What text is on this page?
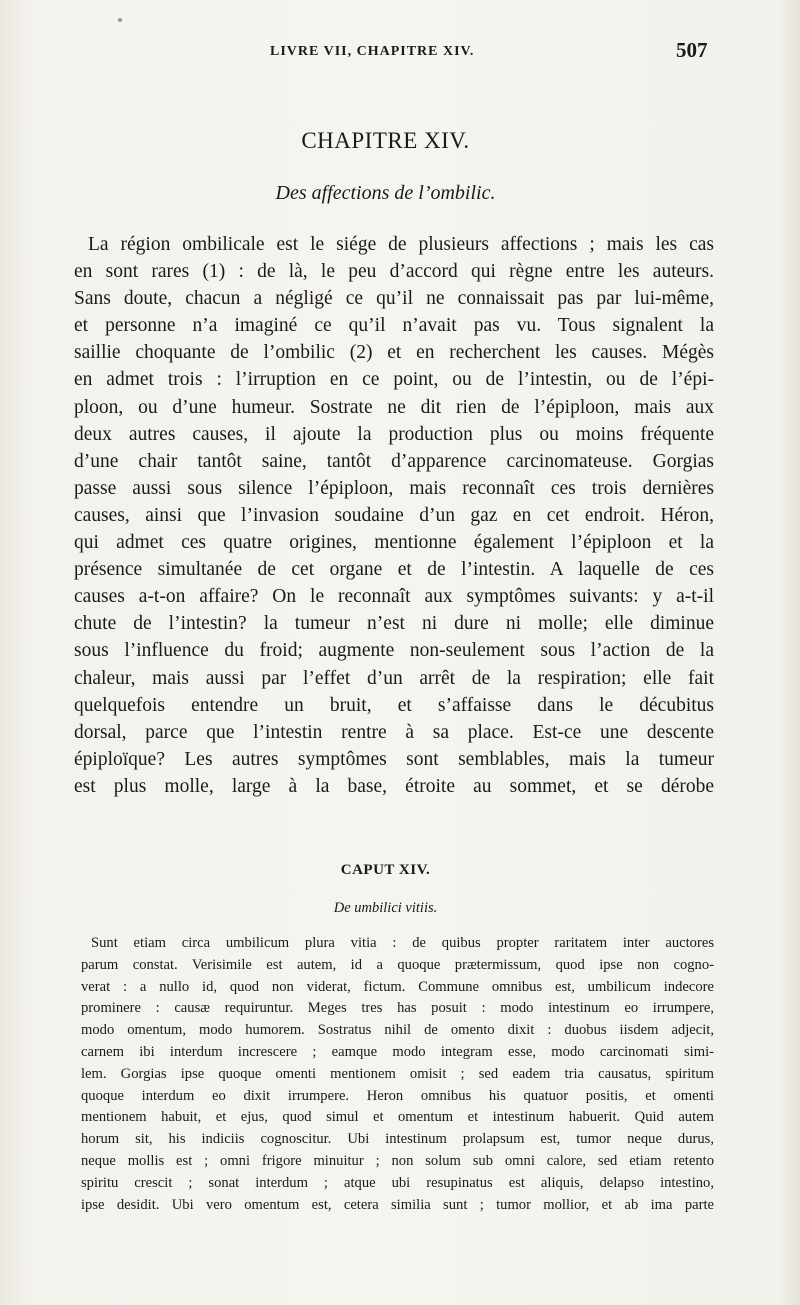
LIVRE VII, CHAPITRE XIV.	507
CHAPITRE XIV.
Des affections de l’ombilic.
La région ombilicale est le siége de plusieurs affections ; mais les cas
en sont rares (1) : de là, le peu d’accord qui règne entre les auteurs.
Sans doute, chacun a négligé ce qu’il ne connaissait pas par lui-même,
et personne n’a imaginé ce qu’il n’avait pas vu. Tous signalent la
saillie choquante de l’ombilic (2) et en recherchent les causes. Mégès
en admet trois : l’irruption en ce point, ou de l’intestin, ou de l’épi-
ploon, ou d’une humeur. Sostrate ne dit rien de l’épiploon, mais aux
deux autres causes, il ajoute la production plus ou moins fréquente
d’une chair tantôt saine, tantôt d’apparence carcinomateuse. Gorgias
passe aussi sous silence l’épiploon, mais reconnaît ces trois dernières
causes, ainsi que l’invasion soudaine d’un gaz en cet endroit. Héron,
qui admet ces quatre origines, mentionne également l’épiploon et la
présence simultanée de cet organe et de l’intestin. A laquelle de ces
causes a-t-on affaire? On le reconnaît aux symptômes suivants: y a-t-il
chute de l’intestin? la tumeur n’est ni dure ni molle; elle diminue
sous l’influence du froid; augmente non-seulement sous l’action de la
chaleur, mais aussi par l’effet d’un arrêt de la respiration; elle fait
quelquefois entendre un bruit, et s’affaisse dans le décubitus
dorsal, parce que l’intestin rentre à sa place. Est-ce une descente
épiploïque? Les autres symptômes sont semblables, mais la tumeur
est plus molle, large à la base, étroite au sommet, et se dérobe
CAPUT XIV.
De umbilici vitiis.
Sunt etiam circa umbilicum plura vitia : de quibus propter raritatem inter auctores
parum constat. Verisimile est autem, id a quoque prætermissum, quod ipse non cogno-
verat : a nullo id, quod non viderat, fictum. Commune omnibus est, umbilicum indecore
prominere : causæ requiruntur. Meges tres has posuit : modo intestinum eo irrumpere,
modo omentum, modo humorem. Sostratus nihil de omento dixit : duobus iisdem adjecit,
carnem ibi interdum increscere ; eamque modo integram esse, modo carcinomati simi-
lem. Gorgias ipse quoque omenti mentionem omisit ; sed eadem tria causatus, spiritum
quoque interdum eo dixit irrumpere. Heron omnibus his quatuor positis, et omenti
mentionem habuit, et ejus, quod simul et omentum et intestinum habuerit. Quid autem
horum sit, his indiciis cognoscitur. Ubi intestinum prolapsum est, tumor neque durus,
neque mollis est ; omni frigore minuitur ; non solum sub omni calore, sed etiam retento
spiritu crescit ; sonat interdum ; atque ubi resupinatus est aliquis, delapso intestino,
ipse desidit. Ubi vero omentum est, cetera similia sunt ; tumor mollior, et ab ima parte
